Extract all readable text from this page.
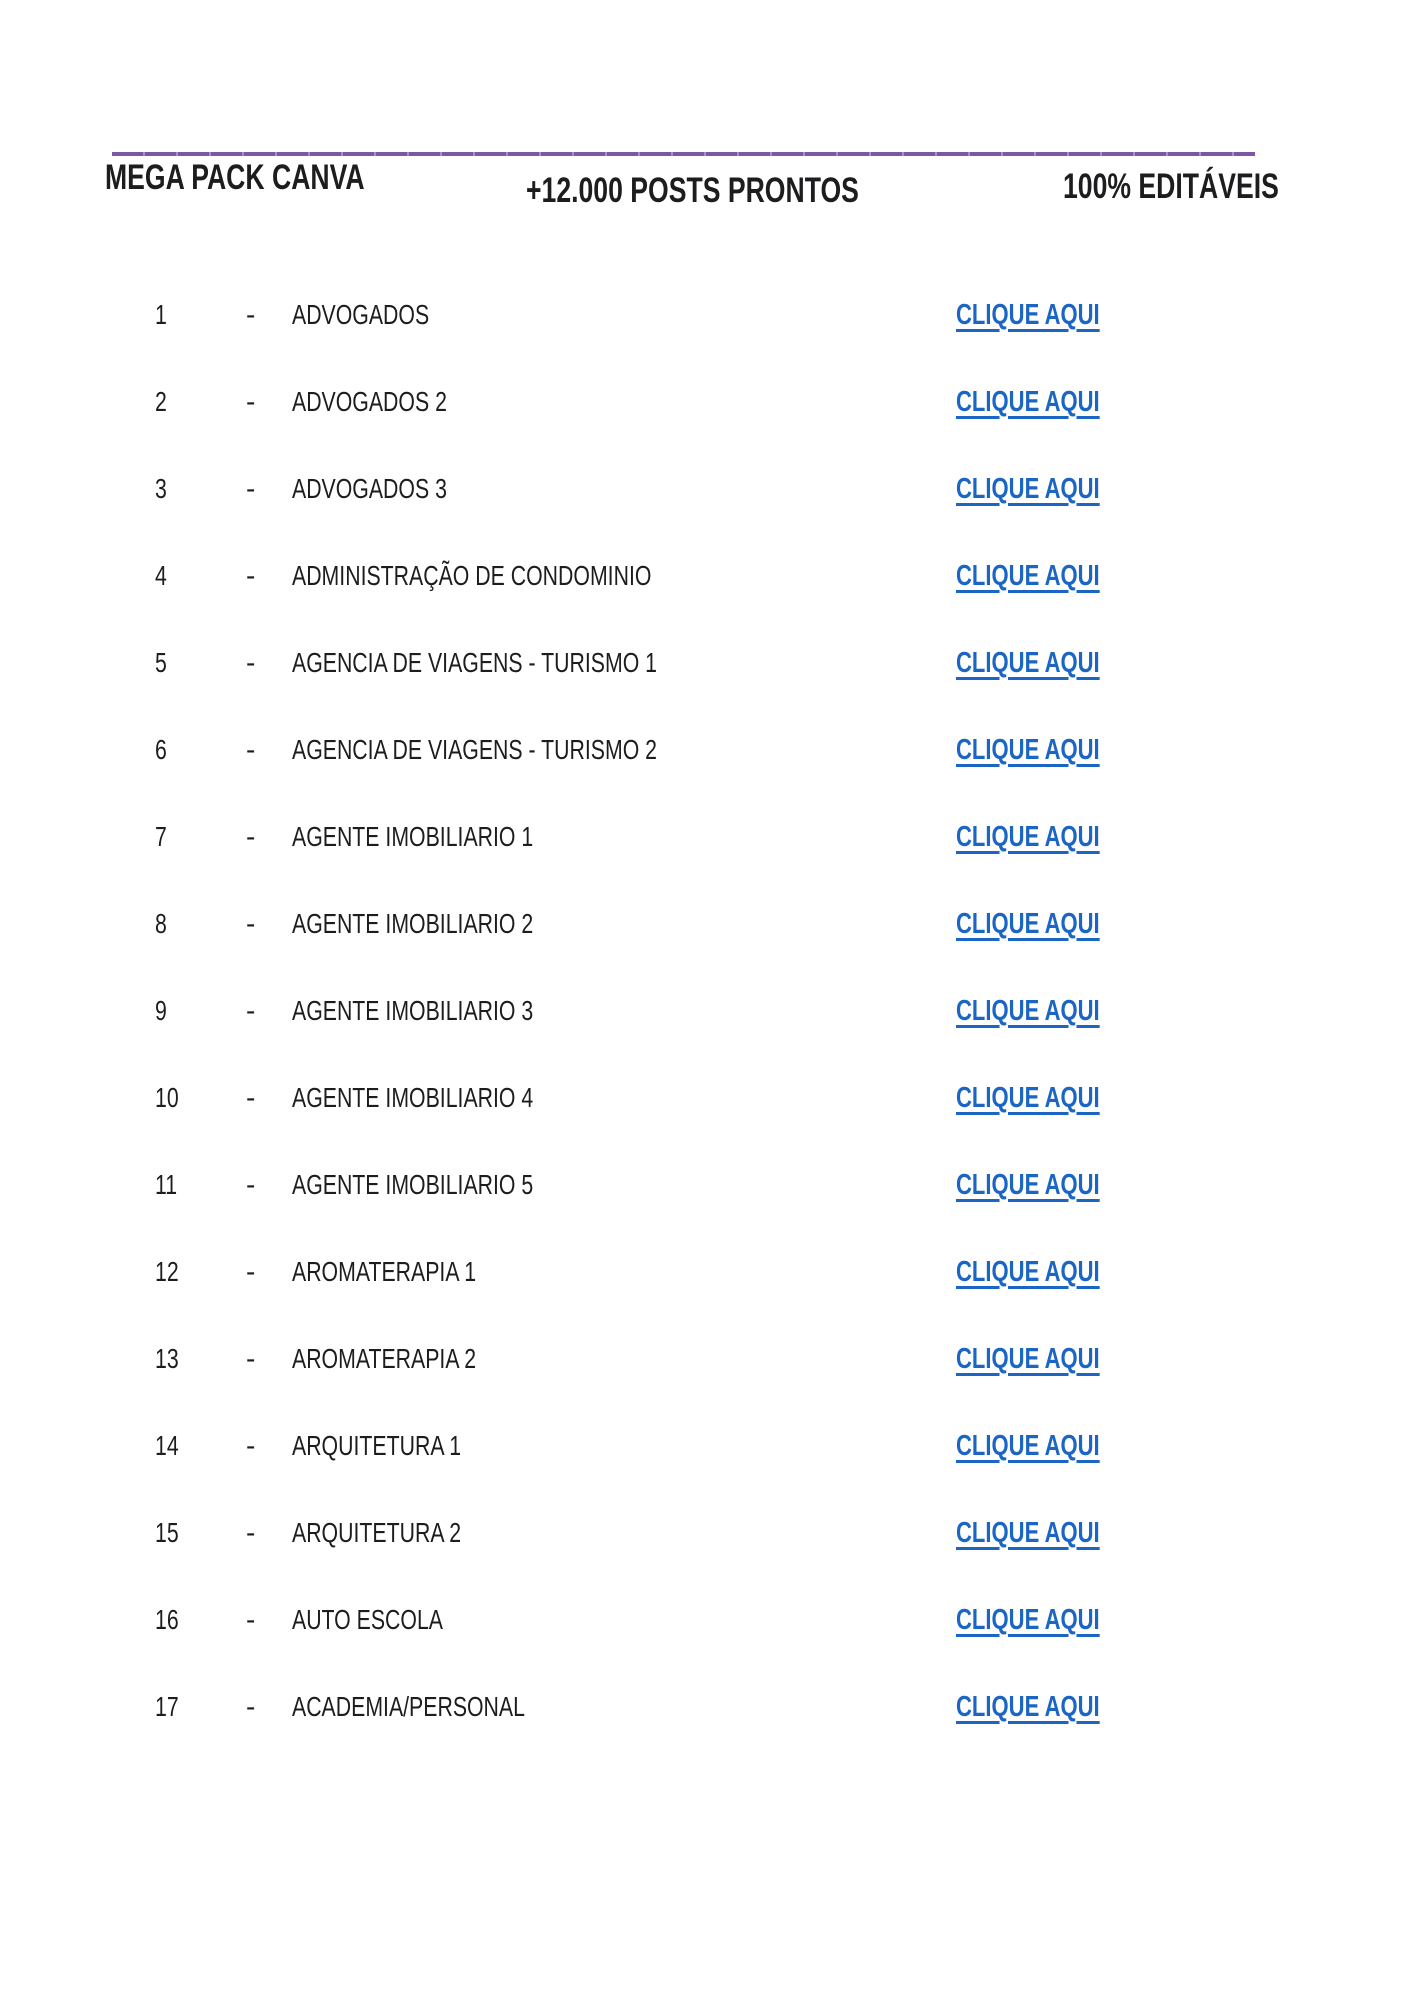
MEGA PACK CANVA	+12.000 POSTS PRONTOS	100% EDITÁVEIS
1	- ADVOGADOS	CLIQUE AQUI
2	- ADVOGADOS 2	CLIQUE AQUI
3	- ADVOGADOS 3	CLIQUE AQUI
4	- ADMINISTRAÇÃO DE CONDOMINIO	CLIQUE AQUI
5	- AGENCIA DE VIAGENS - TURISMO 1	CLIQUE AQUI
6	- AGENCIA DE VIAGENS - TURISMO 2	CLIQUE AQUI
7	- AGENTE IMOBILIARIO 1	CLIQUE AQUI
8	- AGENTE IMOBILIARIO 2	CLIQUE AQUI
9	- AGENTE IMOBILIARIO 3	CLIQUE AQUI
10 - AGENTE IMOBILIARIO 4	CLIQUE AQUI
11 - AGENTE IMOBILIARIO 5	CLIQUE AQUI
12 - AROMATERAPIA 1	CLIQUE AQUI
13 - AROMATERAPIA 2	CLIQUE AQUI
14 - ARQUITETURA 1	CLIQUE AQUI
15 - ARQUITETURA 2	CLIQUE AQUI
16 - AUTO ESCOLA	CLIQUE AQUI
17 - ACADEMIA/PERSONAL	CLIQUE AQUI
